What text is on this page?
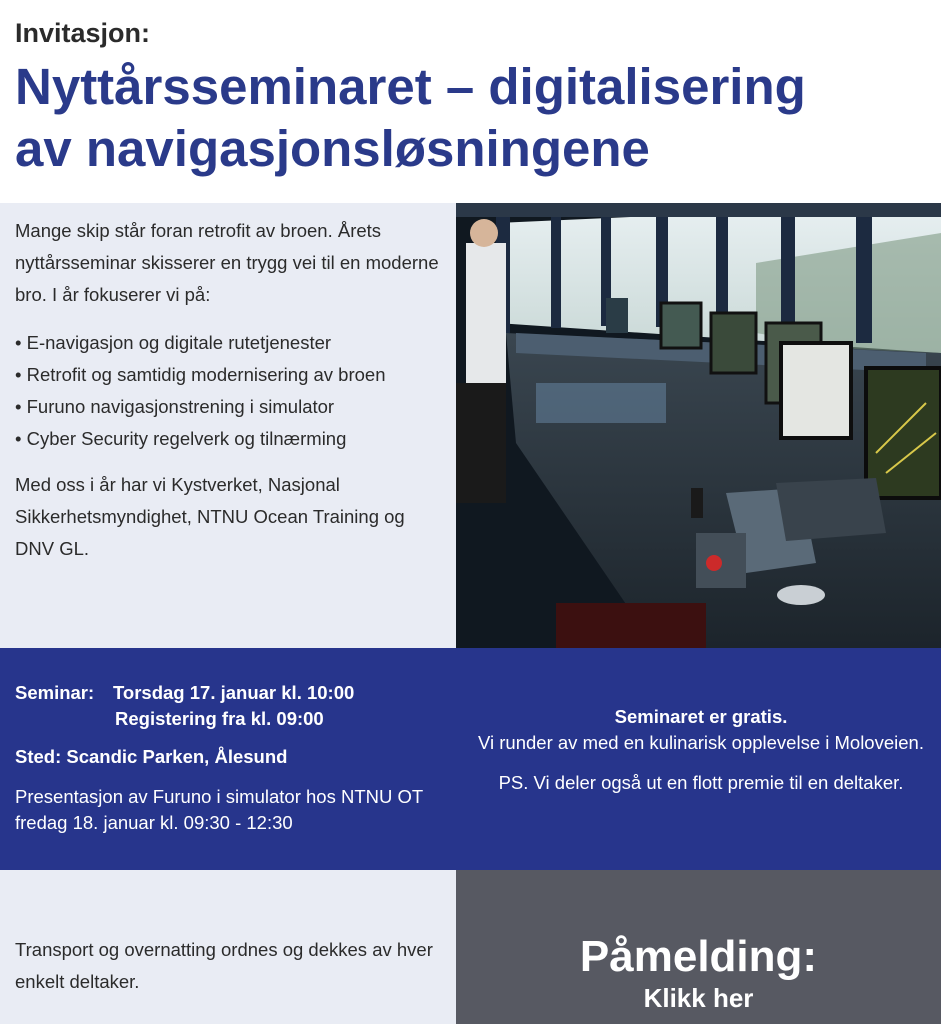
Invitasjon:
Nyttårsseminaret – digitalisering
av navigasjonsløsningene

Mange skip står foran retrofit av broen. Årets nyttårsseminar skisserer en trygg vei til en moderne bro. I år fokuserer vi på:

• E-navigasjon og digitale rutetjenester
• Retrofit og samtidig modernisering av broen
• Furuno navigasjonstrening i simulator
• Cyber Security regelverk og tilnærming

Med oss i år har vi Kystverket, Nasjonal Sikkerhetsmyndighet, NTNU Ocean Training og DNV GL.

Seminar:	Torsdag 17. januar kl. 10:00
Registering fra kl. 09:00
Sted: Scandic Parken, Ålesund
Presentasjon av Furuno i simulator hos NTNU OT fredag 18. januar kl. 09:30 - 12:30
Seminaret er gratis.
Vi runder av med en kulinarisk opplevelse i Moloveien.
PS. Vi deler også ut en flott premie til en deltaker.

Transport og overnatting ordnes og dekkes av hver enkelt deltaker.

Påmelding:
Klikk her
